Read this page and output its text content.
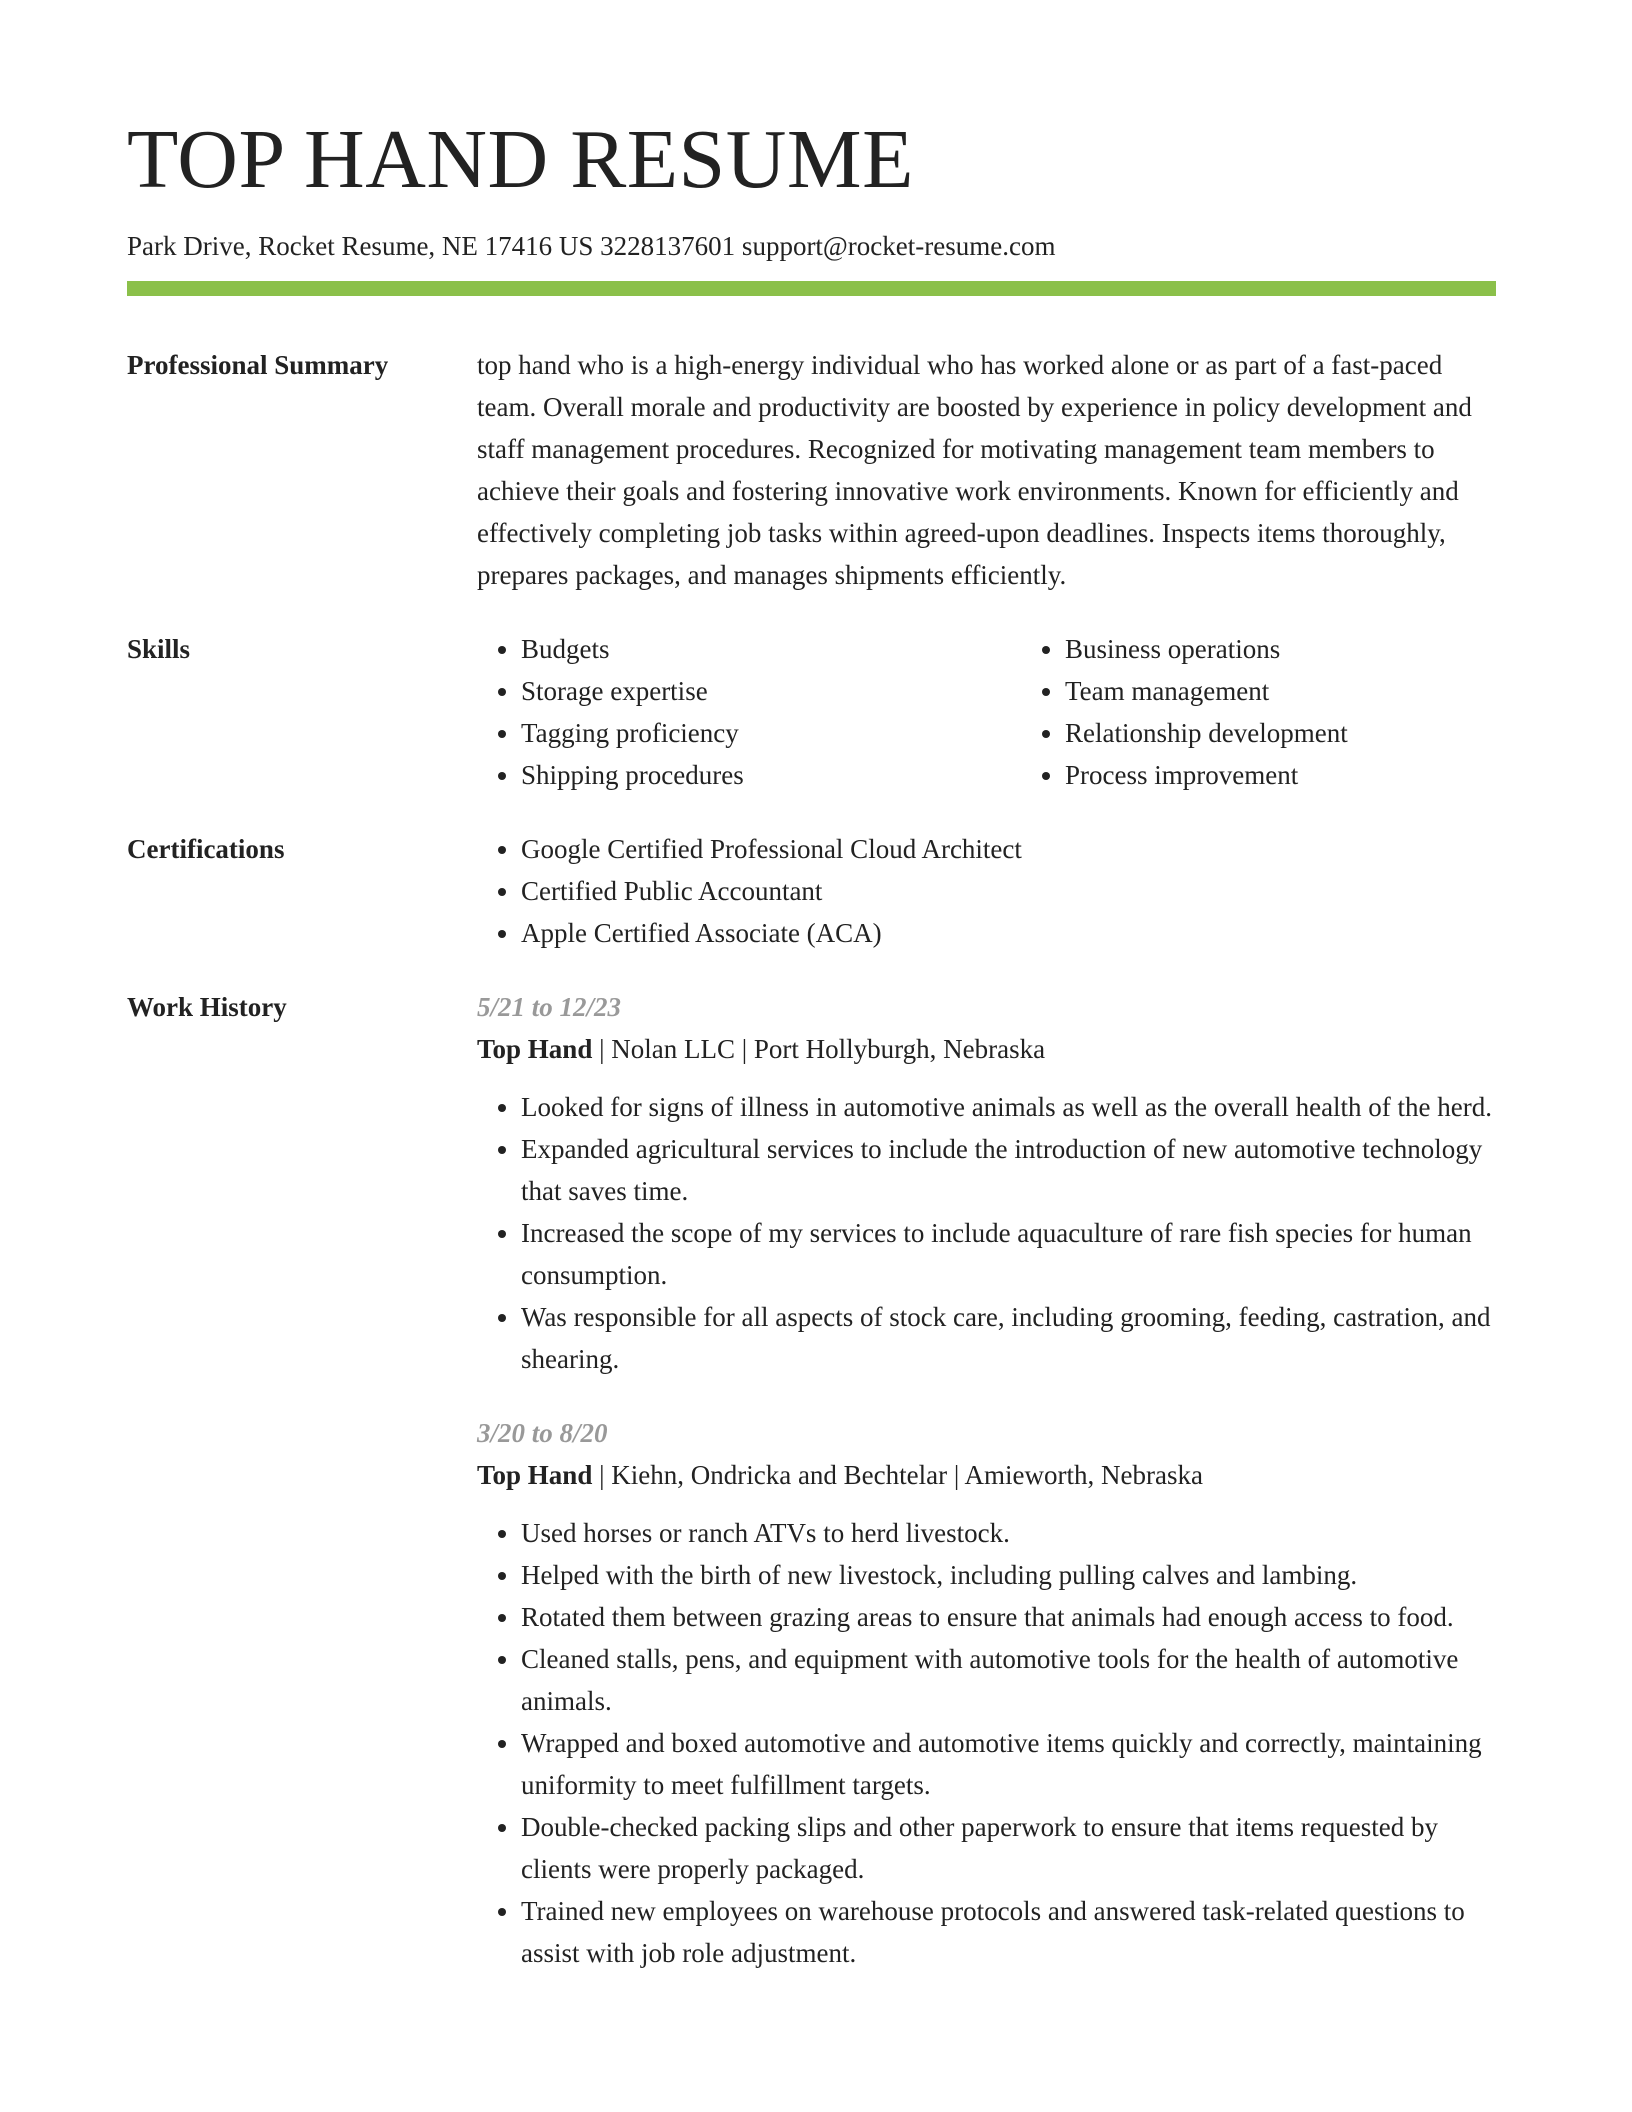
TOP HAND RESUME
Park Drive, Rocket Resume, NE 17416 US 3228137601 support@rocket-resume.com
Professional Summary	top hand who is a high-energy individual who has worked alone or as part of a fast-paced team. Overall morale and productivity are boosted by experience in policy development and staff management procedures. Recognized for motivating management team members to achieve their goals and fostering innovative work environments. Known for efficiently and effectively completing job tasks within agreed-upon deadlines. Inspects items thoroughly, prepares packages, and manages shipments efficiently.
Skills	• Budgets
• Storage expertise
• Tagging proficiency
• Shipping procedures
• Business operations
• Team management
• Relationship development
• Process improvement
Certifications	• Google Certified Professional Cloud Architect
• Certified Public Accountant
• Apple Certified Associate (ACA)
Work History	5/21 to 12/23
Top Hand | Nolan LLC | Port Hollyburgh, Nebraska
• Looked for signs of illness in automotive animals as well as the overall health of the herd.
• Expanded agricultural services to include the introduction of new automotive technology that saves time.
• Increased the scope of my services to include aquaculture of rare fish species for human consumption.
• Was responsible for all aspects of stock care, including grooming, feeding, castration, and shearing.
3/20 to 8/20
Top Hand | Kiehn, Ondricka and Bechtelar | Amieworth, Nebraska
• Used horses or ranch ATVs to herd livestock.
• Helped with the birth of new livestock, including pulling calves and lambing.
• Rotated them between grazing areas to ensure that animals had enough access to food.
• Cleaned stalls, pens, and equipment with automotive tools for the health of automotive animals.
• Wrapped and boxed automotive and automotive items quickly and correctly, maintaining uniformity to meet fulfillment targets.
• Double-checked packing slips and other paperwork to ensure that items requested by clients were properly packaged.
• Trained new employees on warehouse protocols and answered task-related questions to assist with job role adjustment.
